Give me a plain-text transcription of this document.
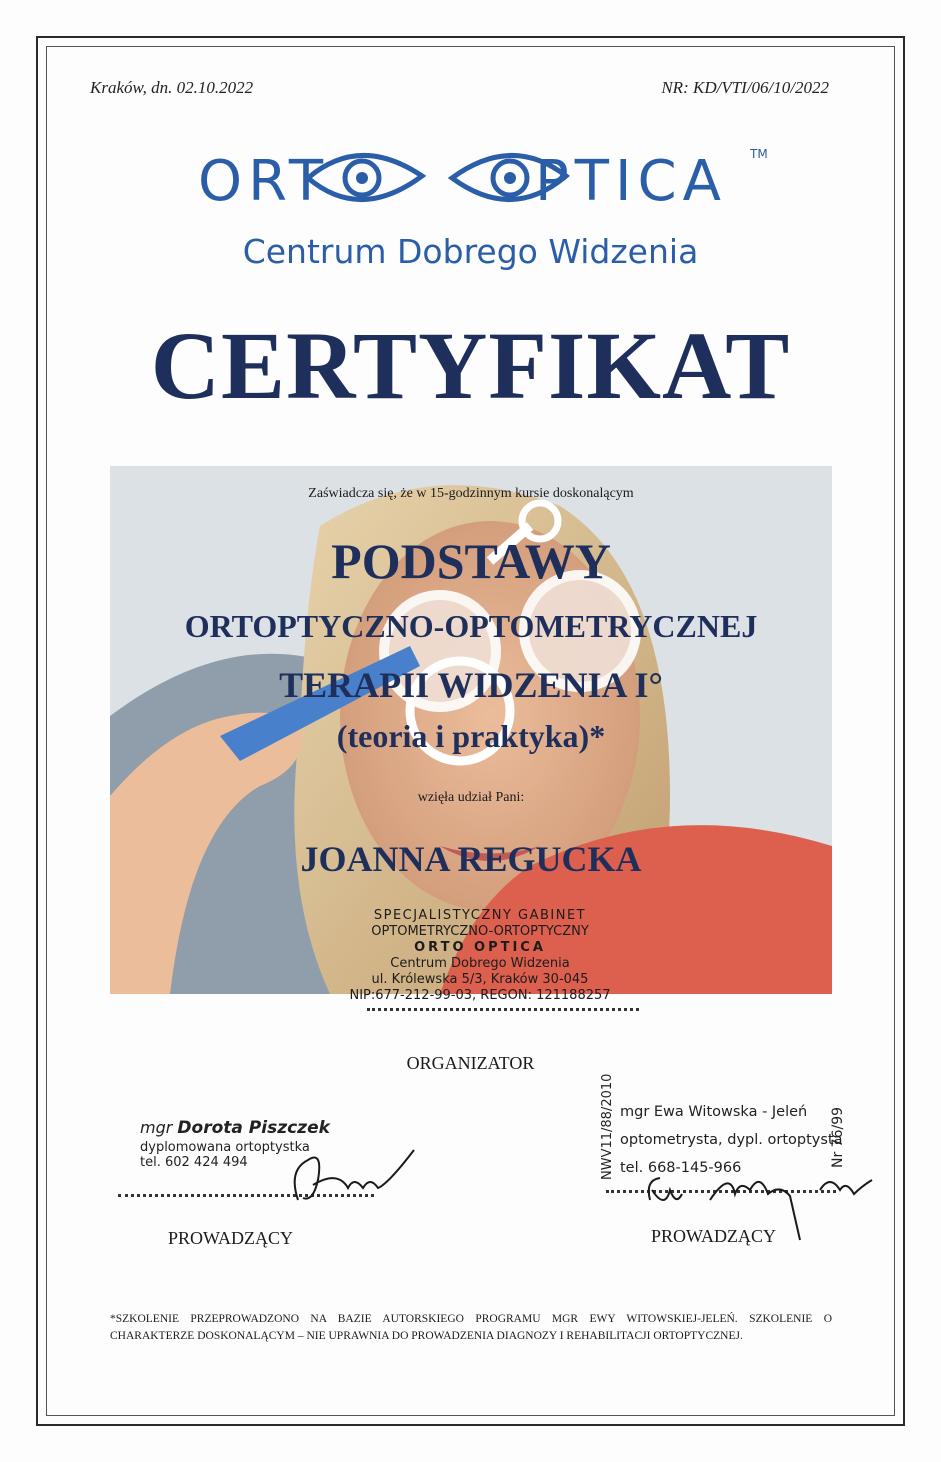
Kraków, dn. 02.10.2022	NR: KD/VTI/06/10/2022
ORT	PTICA TM
Centrum Dobrego Widzenia
CERTYFIKAT
Zaświadcza się, że w 15-godzinnym kursie doskonalącym
PODSTAWY
ORTOPTYCZNO-OPTOMETRYCZNEJ
TERAPII WIDZENIA I°
(teoria i praktyka)*
wzięła udział Pani:
JOANNA REGUCKA
SPECJALISTYCZNY GABINET
OPTOMETRYCZNO-ORTOPTYCZNY
ORTO OPTICA
Centrum Dobrego Widzenia
ul. Królewska 5/3, Kraków 30-045
NIP:677-212-99-03, REGON: 121188257
ORGANIZATOR
mgr Dorota Piszczek
dyplomowana ortoptystka
tel. 602 424 494
PROWADZĄCY
NWV11/88/2010 mgr Ewa Witowska - Jeleń
optometrysta, dypl. ortoptysta
tel. 668-145-966	Nr 76/99
PROWADZĄCY
*SZKOLENIE PRZEPROWADZONO NA BAZIE AUTORSKIEGO PROGRAMU MGR EWY WITOWSKIEJ-JELEŃ. SZKOLENIE O CHARAKTERZE DOSKONALĄCYM – NIE UPRAWNIA DO PROWADZENIA DIAGNOZY I REHABILITACJI ORTOPTYCZNEJ.
